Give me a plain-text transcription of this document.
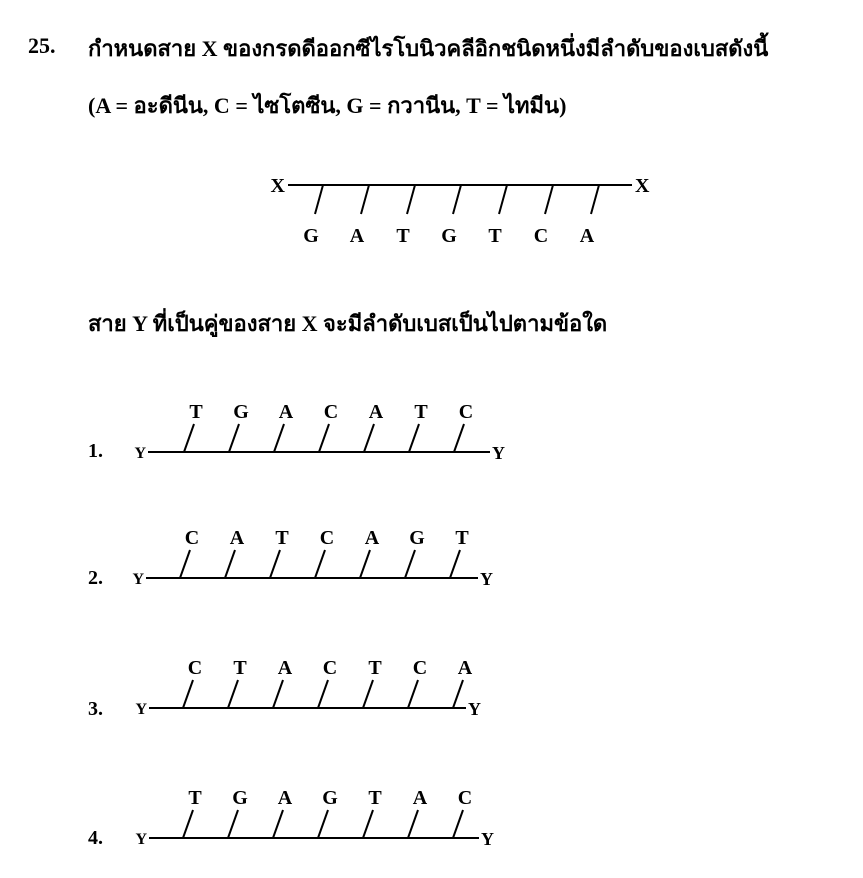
25. กำหนดสาย X ของกรดดีออกซีไรโบนิวคลีอิกชนิดหนึ่งมีลำดับของเบสดังนี้
(A = อะดีนีน, C = ไซโตซีน, G = กวานีน, T = ไทมีน)
X	X
G A T G T C A
สาย Y ที่เป็นคู่ของสาย X จะมีลำดับเบสเป็นไปตามข้อใด
1.
2.
3.
4.
Y	Y
T G A C A T C
Y	Y
C A T C A G T
Y	Y
C T A C T C A
Y	Y
T G A G T A C
